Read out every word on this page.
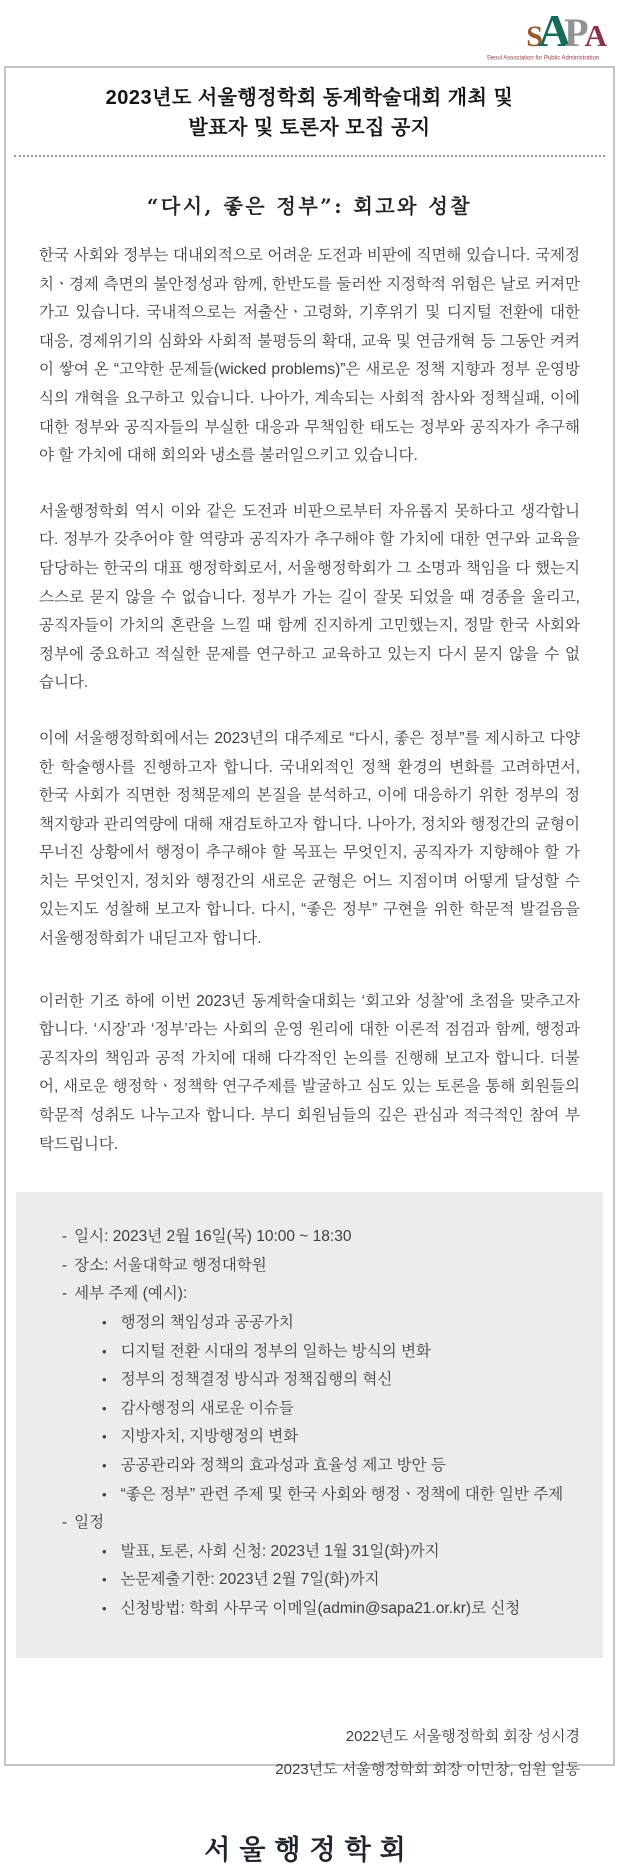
S
A
P
A
Seoul Association for Public Administration
2023년도 서울행정학회 동계학술대회 개최 및
발표자 및 토론자 모집 공지
“다시, 좋은 정부”: 회고와 성찰
한국 사회와 정부는 대내외적으로 어려운 도전과 비판에 직면해 있습니다. 국제정치ㆍ경제 측면의 불안정성과 함께, 한반도를 둘러싼 지정학적 위험은 날로 커져만 가고 있습니다. 국내적으로는 저출산ㆍ고령화, 기후위기 및 디지털 전환에 대한 대응, 경제위기의 심화와 사회적 불평등의 확대, 교육 및 연금개혁 등 그동안 켜켜이 쌓여 온 “고약한 문제들(wicked problems)”은 새로운 정책 지향과 정부 운영방식의 개혁을 요구하고 있습니다. 나아가, 계속되는 사회적 참사와 정책실패, 이에 대한 정부와 공직자들의 부실한 대응과 무책임한 태도는 정부와 공직자가 추구해야 할 가치에 대해 회의와 냉소를 불러일으키고 있습니다.
서울행정학회 역시 이와 같은 도전과 비판으로부터 자유롭지 못하다고 생각합니다. 정부가 갖추어야 할 역량과 공직자가 추구해야 할 가치에 대한 연구와 교육을 담당하는 한국의 대표 행정학회로서, 서울행정학회가 그 소명과 책임을 다 했는지 스스로 묻지 않을 수 없습니다. 정부가 가는 길이 잘못 되었을 때 경종을 울리고, 공직자들이 가치의 혼란을 느낄 때 함께 진지하게 고민했는지, 정말 한국 사회와 정부에 중요하고 적실한 문제를 연구하고 교육하고 있는지 다시 묻지 않을 수 없습니다.
이에 서울행정학회에서는 2023년의 대주제로 “다시, 좋은 정부”를 제시하고 다양한 학술행사를 진행하고자 합니다. 국내외적인 정책 환경의 변화를 고려하면서, 한국 사회가 직면한 정책문제의 본질을 분석하고, 이에 대응하기 위한 정부의 정책지향과 관리역량에 대해 재검토하고자 합니다. 나아가, 정치와 행정간의 균형이 무너진 상황에서 행정이 추구해야 할 목표는 무엇인지, 공직자가 지향해야 할 가치는 무엇인지, 정치와 행정간의 새로운 균형은 어느 지점이며 어떻게 달성할 수 있는지도 성찰해 보고자 합니다. 다시, “좋은 정부” 구현을 위한 학문적 발걸음을 서울행정학회가 내딛고자 합니다.
이러한 기조 하에 이번 2023년 동계학술대회는 ‘회고와 성찰’에 초점을 맞추고자 합니다. ‘시장’과 ‘정부’라는 사회의 운영 원리에 대한 이론적 점검과 함께, 행정과 공직자의 책임과 공적 가치에 대해 다각적인 논의를 진행해 보고자 합니다. 더불어, 새로운 행정학ㆍ정책학 연구주제를 발굴하고 심도 있는 토론을 통해 회원들의 학문적 성취도 나누고자 합니다. 부디 회원님들의 깊은 관심과 적극적인 참여 부탁드립니다.
- 일시: 2023년 2월 16일(목) 10:00 ~ 18:30
- 장소: 서울대학교 행정대학원
- 세부 주제 (예시):
• 행정의 책임성과 공공가치
• 디지털 전환 시대의 정부의 일하는 방식의 변화
• 정부의 정책결정 방식과 정책집행의 혁신
• 감사행정의 새로운 이슈들
• 지방자치, 지방행정의 변화
• 공공관리와 정책의 효과성과 효율성 제고 방안 등
• “좋은 정부” 관련 주제 및 한국 사회와 행정ㆍ정책에 대한 일반 주제
- 일정
• 발표, 토론, 사회 신청: 2023년 1월 31일(화)까지
• 논문제출기한: 2023년 2월 7일(화)까지
• 신청방법: 학회 사무국 이메일(admin@sapa21.or.kr)로 신청
2022년도 서울행정학회 회장 성시경
2023년도 서울행정학회 회장 이민창, 임원 일동
서울행정학회
